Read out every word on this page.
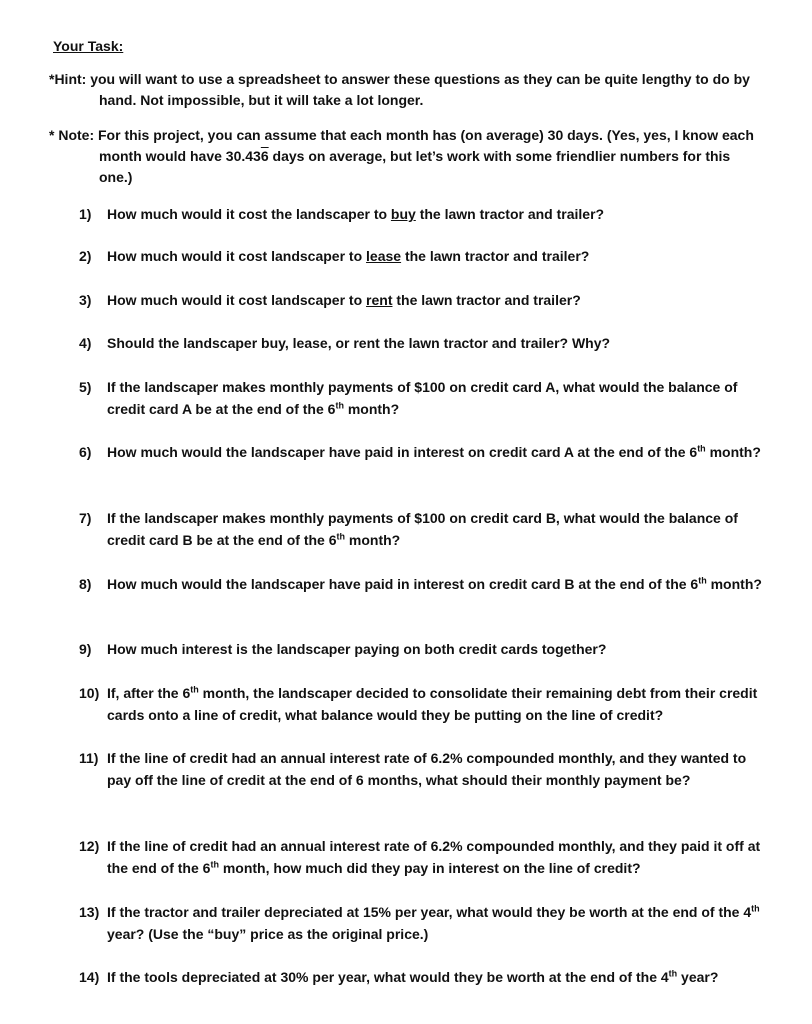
Your Task:
*Hint: you will want to use a spreadsheet to answer these questions as they can be quite lengthy to do by hand. Not impossible, but it will take a lot longer.
* Note: For this project, you can assume that each month has (on average) 30 days. (Yes, yes, I know each month would have 30.436 days on average, but let’s work with some friendlier numbers for this one.)
1) How much would it cost the landscaper to buy the lawn tractor and trailer?
2) How much would it cost landscaper to lease the lawn tractor and trailer?
3) How much would it cost landscaper to rent the lawn tractor and trailer?
4) Should the landscaper buy, lease, or rent the lawn tractor and trailer? Why?
5) If the landscaper makes monthly payments of $100 on credit card A, what would the balance of credit card A be at the end of the 6th month?
6) How much would the landscaper have paid in interest on credit card A at the end of the 6th month?
7) If the landscaper makes monthly payments of $100 on credit card B, what would the balance of credit card B be at the end of the 6th month?
8) How much would the landscaper have paid in interest on credit card B at the end of the 6th month?
9) How much interest is the landscaper paying on both credit cards together?
10) If, after the 6th month, the landscaper decided to consolidate their remaining debt from their credit cards onto a line of credit, what balance would they be putting on the line of credit?
11) If the line of credit had an annual interest rate of 6.2% compounded monthly, and they wanted to pay off the line of credit at the end of 6 months, what should their monthly payment be?
12) If the line of credit had an annual interest rate of 6.2% compounded monthly, and they paid it off at the end of the 6th month, how much did they pay in interest on the line of credit?
13) If the tractor and trailer depreciated at 15% per year, what would they be worth at the end of the 4th year? (Use the “buy” price as the original price.)
14) If the tools depreciated at 30% per year, what would they be worth at the end of the 4th year?
